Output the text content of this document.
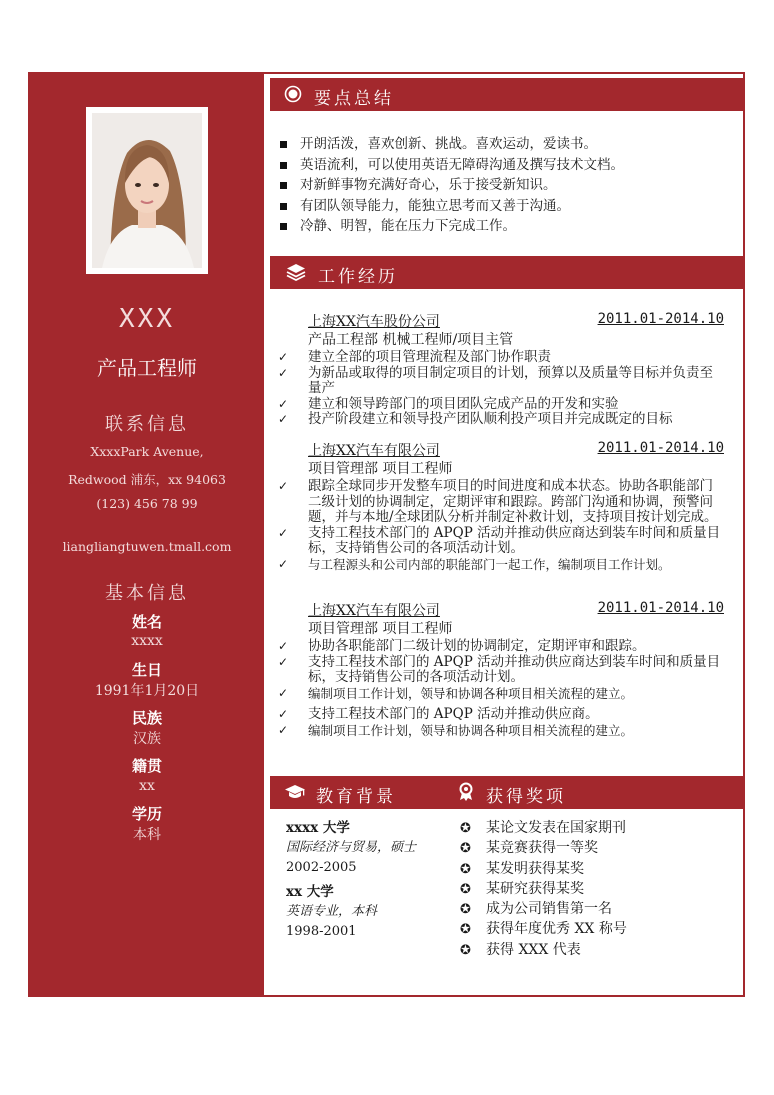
XXX
产品工程师
联系信息
XxxxPark Avenue,
Redwood 浦东，xx 94063
(123) 456 78 99
liangliangtuwen.tmall.com
基本信息
姓名
xxxx
生日
1991年1月20日
民族
汉族
籍贯
xx
学历
本科
要点总结
开朗活泼，喜欢创新、挑战。喜欢运动，爱读书。
英语流利，可以使用英语无障碍沟通及撰写技术文档。
对新鲜事物充满好奇心，乐于接受新知识。
有团队领导能力，能独立思考而又善于沟通。
冷静、明智，能在压力下完成工作。
工作经历
上海XX汽车股份公司	2011.01-2014.10
产品工程部 机械工程师/项目主管
✓ 建立全部的项目管理流程及部门协作职责
✓ 为新品或取得的项目制定项目的计划，预算以及质量等目标并负责至量产
✓ 建立和领导跨部门的项目团队完成产品的开发和实验
✓ 投产阶段建立和领导投产团队顺利投产项目并完成既定的目标
上海XX汽车有限公司	2011.01-2014.10
项目管理部 项目工程师
✓ 跟踪全球同步开发整车项目的时间进度和成本状态。协助各职能部门二级计划的协调制定，定期评审和跟踪。跨部门沟通和协调，预警问题，并与本地/全球团队分析并制定补救计划，支持项目按计划完成。
✓ 支持工程技术部门的 APQP 活动并推动供应商达到装车时间和质量目标，支持销售公司的各项活动计划。
✓ 与工程源头和公司内部的职能部门一起工作，编制项目工作计划。
上海XX汽车有限公司	2011.01-2014.10
项目管理部 项目工程师
✓ 协助各职能部门二级计划的协调制定，定期评审和跟踪。
✓ 支持工程技术部门的 APQP 活动并推动供应商达到装车时间和质量目标，支持销售公司的各项活动计划。
✓ 编制项目工作计划，领导和协调各种项目相关流程的建立。
✓ 支持工程技术部门的 APQP 活动并推动供应商。
✓ 编制项目工作计划，领导和协调各种项目相关流程的建立。
教育背景	获得奖项
xxxx 大学
国际经济与贸易，硕士
2002-2005
xx 大学
英语专业，本科
1998-2001
✪ 某论文发表在国家期刊
✪ 某竞赛获得一等奖
✪ 某发明获得某奖
✪ 某研究获得某奖
✪ 成为公司销售第一名
✪ 获得年度优秀 XX 称号
✪ 获得 XXX 代表
